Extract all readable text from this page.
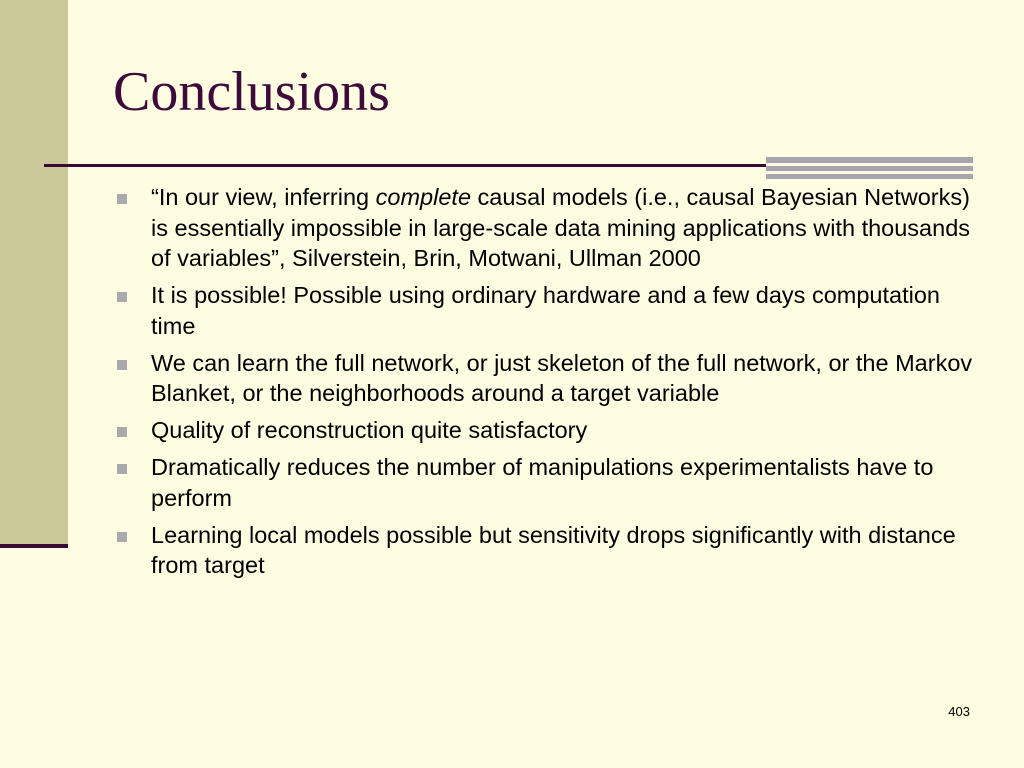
Conclusions
“In our view, inferring complete causal models (i.e., causal Bayesian Networks) is essentially impossible in large-scale data mining applications with thousands of variables”, Silverstein, Brin, Motwani, Ullman 2000
It is possible! Possible using ordinary hardware and a few days computation time
We can learn the full network, or just skeleton of the full network, or the Markov Blanket, or the neighborhoods around a target variable
Quality of reconstruction quite satisfactory
Dramatically reduces the number of manipulations experimentalists have to perform
Learning local models possible but sensitivity drops significantly with distance from target
403
